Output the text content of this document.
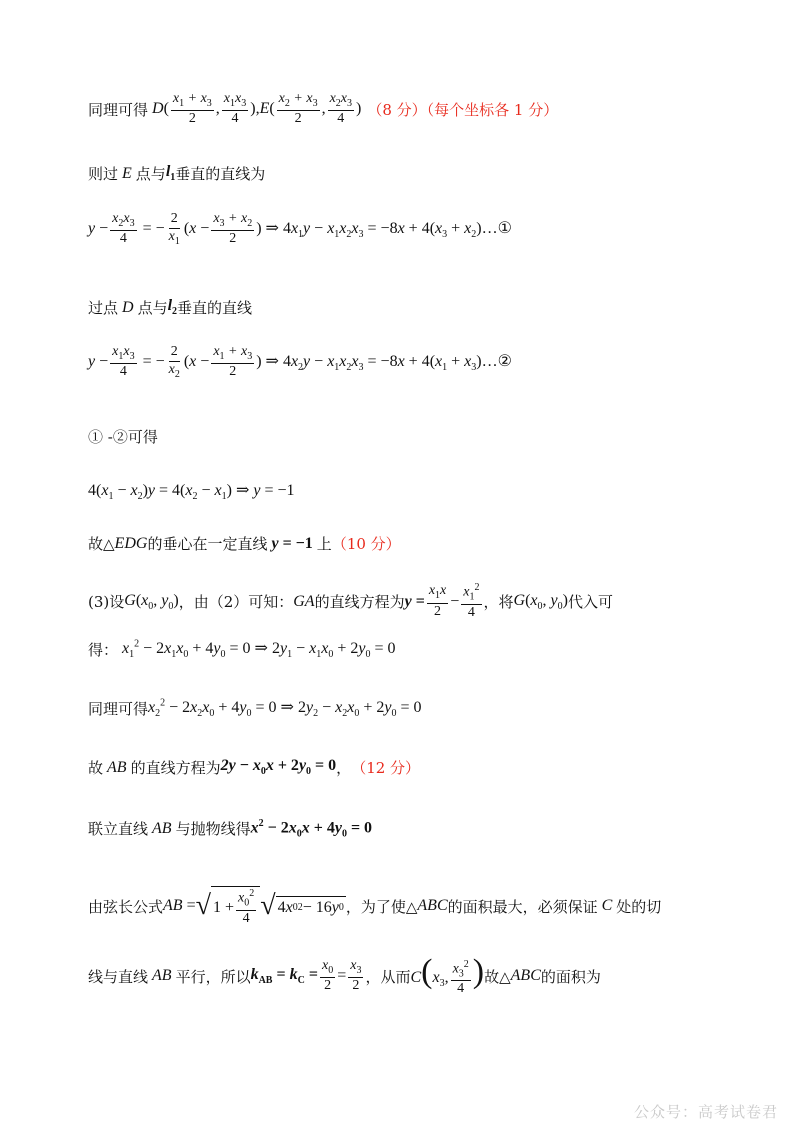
同理可得 $D( \frac{x_1 + x_3}{2}$ , $\frac{x_1x_3}{4} ),E( \frac{x_2 + x_3}{2}$ , $\frac{x_2x_3}{4}$ ) （8 分）（每个坐标各 1 分）
则过 E 点与 $l_1$ 垂直的直线为
$y - \frac{x_2x_3}{4}$ = − $\frac{2}{x_1} (x - \frac{x_3 + x_2}{2}$ ) ⇒ $4x_1y - x_1x_2x_3 = -8x + 4(x_3$ + $x_2)\dots ①$
过点 D 点与 $l_2$ 垂直的直线
$y - \frac{x_1x_3}{4}$ = − $\frac{2}{x_2} (x - \frac{x_1 + x_3}{2}$ ) ⇒ $4x_2y - x_1x_2x_3 = -8x + 4(x_1$ + $x_3)\dots ②$
① -②可得
$4(x_1 - x_2)y = 4(x_2 - x_1)$ ⇒ y = −1
故△ EDG 的垂心在一定直线 y = −1 上 （10 分）
(3)设 $G(x_0$, $y_0$) ，由（2）可知： GA 的直线方程为 $y = \frac{x_1x}{2} - \frac{x_1^2}{4}$ ，将 $G(x_0$, $y_0$) 代入可
得： $x_1^2 - 2x_1x_0 + 4y_0 = 0$ ⇒ $2y_1 - x_1x_0 + 2y_0 = 0$
同理可得 $x_2^2 - 2x_2x_0 + 4y_0 = 0$ ⇒ $2y_2 - x_2x_0 + 2y_0 = 0$
故 AB 的直线方程为 $2y - x_0x + 2y_0 = 0$ ， （12 分）
联立直线 AB 与抛物线得 $x^2 - 2x_0x + 4y_0 = 0$
由弦长公式 AB = √ $1 + \frac{x_0^2}{4}$ √ 4 x 0 2 − 16 y 0 ，为了使△ ABC 的面积最大，必须保证 C 处的切
线与直线 AB 平行，所以 $k_{AB} = k_C = \frac{x_0}{2} = \frac{x_3}{2}$ ，从而 $C(x_3$, $\frac{x_3^2}{4}$ ) 故△ ABC 的面积为
公众号：高考试卷君
